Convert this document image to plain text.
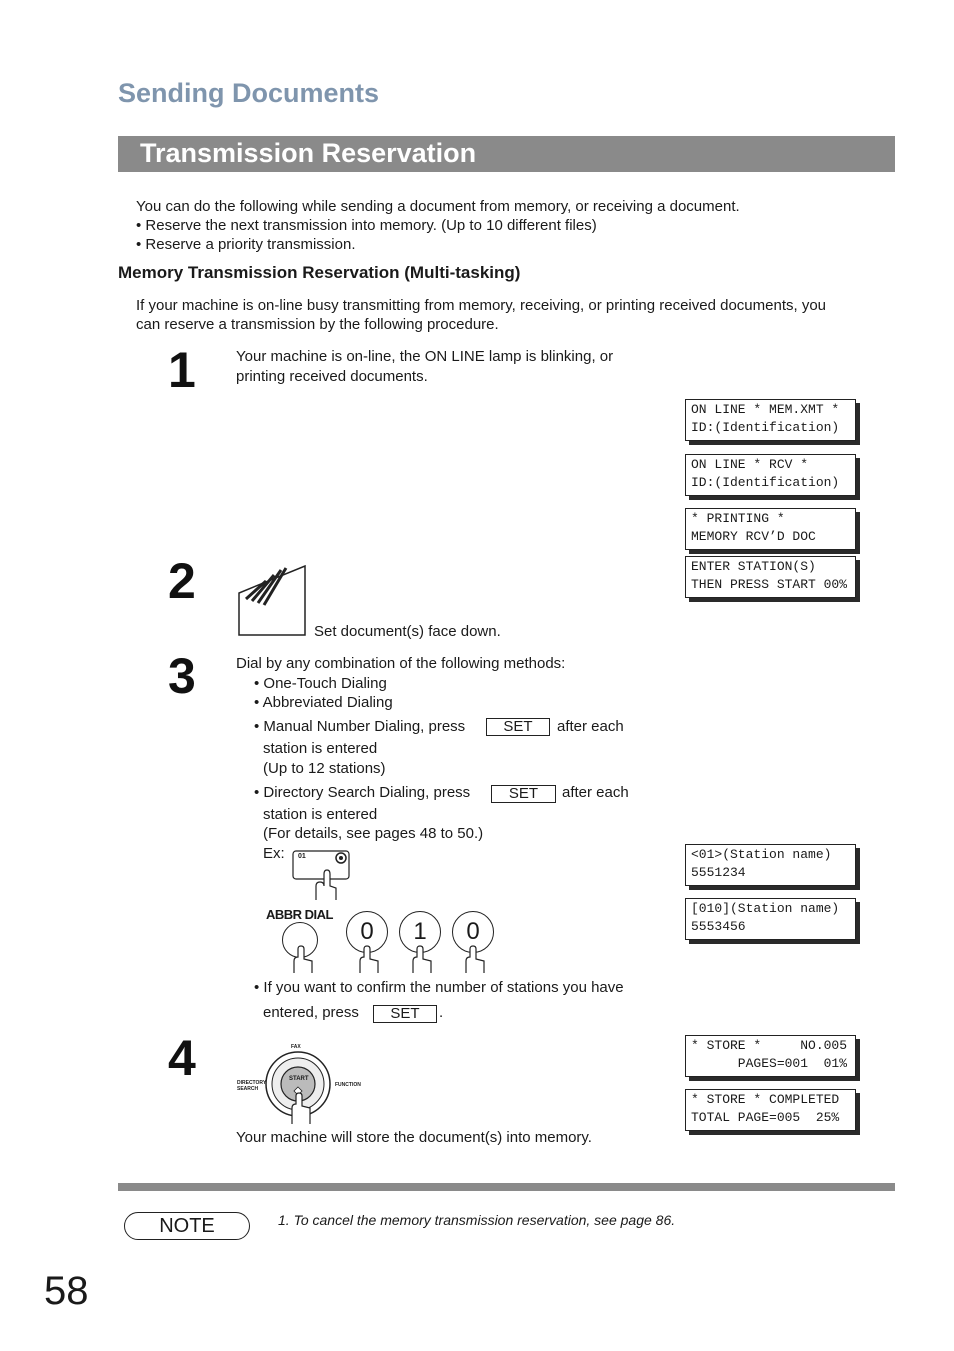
Sending Documents
Transmission Reservation
You can do the following while sending a document from memory, or receiving a document.
• Reserve the next transmission into memory. (Up to 10 different files)
• Reserve a priority transmission.
Memory Transmission Reservation (Multi-tasking)
If your machine is on-line busy transmitting from memory, receiving, or printing received documents, you
can reserve a transmission by the following procedure.
1	Your machine is on-line, the ON LINE lamp is blinking, or
printing received documents.
2
Set document(s) face down.
3	Dial by any combination of the following methods:
• One-Touch Dialing
• Abbreviated Dialing
• Manual Number Dialing, press	SET	after each
station is entered
(Up to 12 stations)
• Directory Search Dialing, press	SET	after each
station is entered
(For details, see pages 48 to 50.)
Ex: 01
ABBR DIAL
0	1	0
• If you want to confirm the number of stations you have
entered, press	SET	.
4	FAX
DIRECTORY SEARCH
FUNCTION
START
Your machine will store the document(s) into memory.
ON LINE * MEM.XMT *
ID:(Identification)
ON LINE * RCV *
ID:(Identification)
* PRINTING *
MEMORY RCV’D DOC
ENTER STATION(S)
THEN PRESS START 00%
<01>(Station name)
5551234
[010](Station name)
5553456
* STORE *     NO.005
PAGES=001  01%
* STORE * COMPLETED
TOTAL PAGE=005  25%
NOTE	1. To cancel the memory transmission reservation, see page 86.
58
